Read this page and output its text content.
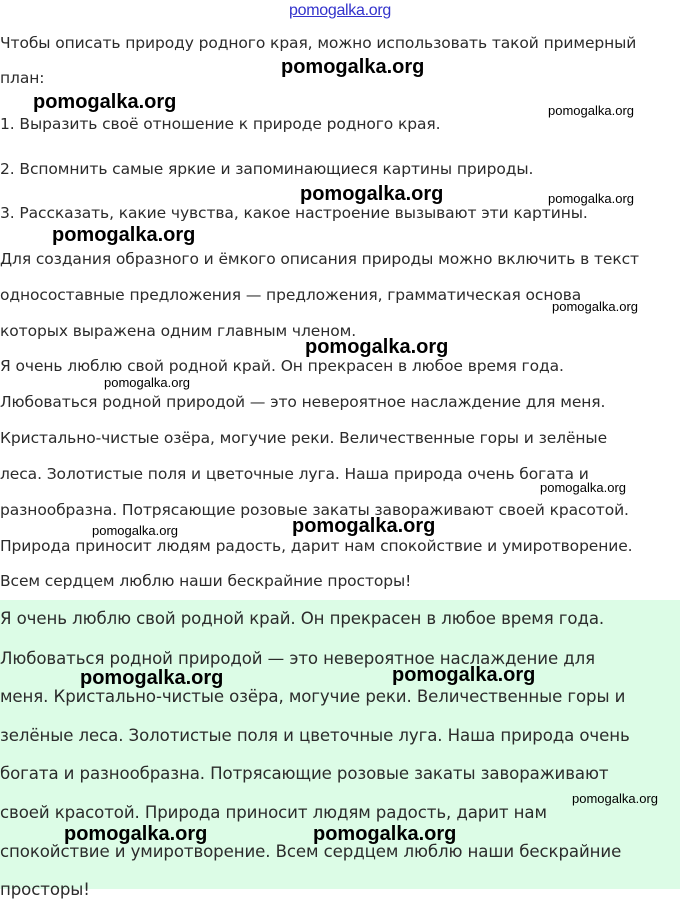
pomogalka.org
Чтобы описать природу родного края, можно использовать такой примерный
план:
1. Выразить своё отношение к природе родного края.
2. Вспомнить самые яркие и запоминающиеся картины природы.
3. Рассказать, какие чувства, какое настроение вызывают эти картины.
Для создания образного и ёмкого описания природы можно включить в текст
односоставные предложения — предложения, грамматическая основа
которых выражена одним главным членом.
Я очень люблю свой родной край. Он прекрасен в любое время года.
Любоваться родной природой — это невероятное наслаждение для меня.
Кристально-чистые озёра, могучие реки. Величественные горы и зелёные
леса. Золотистые поля и цветочные луга. Наша природа очень богата и
разнообразна. Потрясающие розовые закаты завораживают своей красотой.
Природа приносит людям радость, дарит нам спокойствие и умиротворение.
Всем сердцем люблю наши бескрайние просторы!
Я очень люблю свой родной край. Он прекрасен в любое время года.
Любоваться родной природой — это невероятное наслаждение для
меня. Кристально-чистые озёра, могучие реки. Величественные горы и
зелёные леса. Золотистые поля и цветочные луга. Наша природа очень
богата и разнообразна. Потрясающие розовые закаты завораживают
своей красотой. Природа приносит людям радость, дарит нам
спокойствие и умиротворение. Всем сердцем люблю наши бескрайние
просторы!
pomogalka.org
pomogalka.org	pomogalka.org
pomogalka.org	pomogalka.org
pomogalka.org
pomogalka.org
pomogalka.org
pomogalka.org
pomogalka.org
pomogalka.org
pomogalka.org
pomogalka.org	pomogalka.org
pomogalka.org
pomogalka.org	pomogalka.org
